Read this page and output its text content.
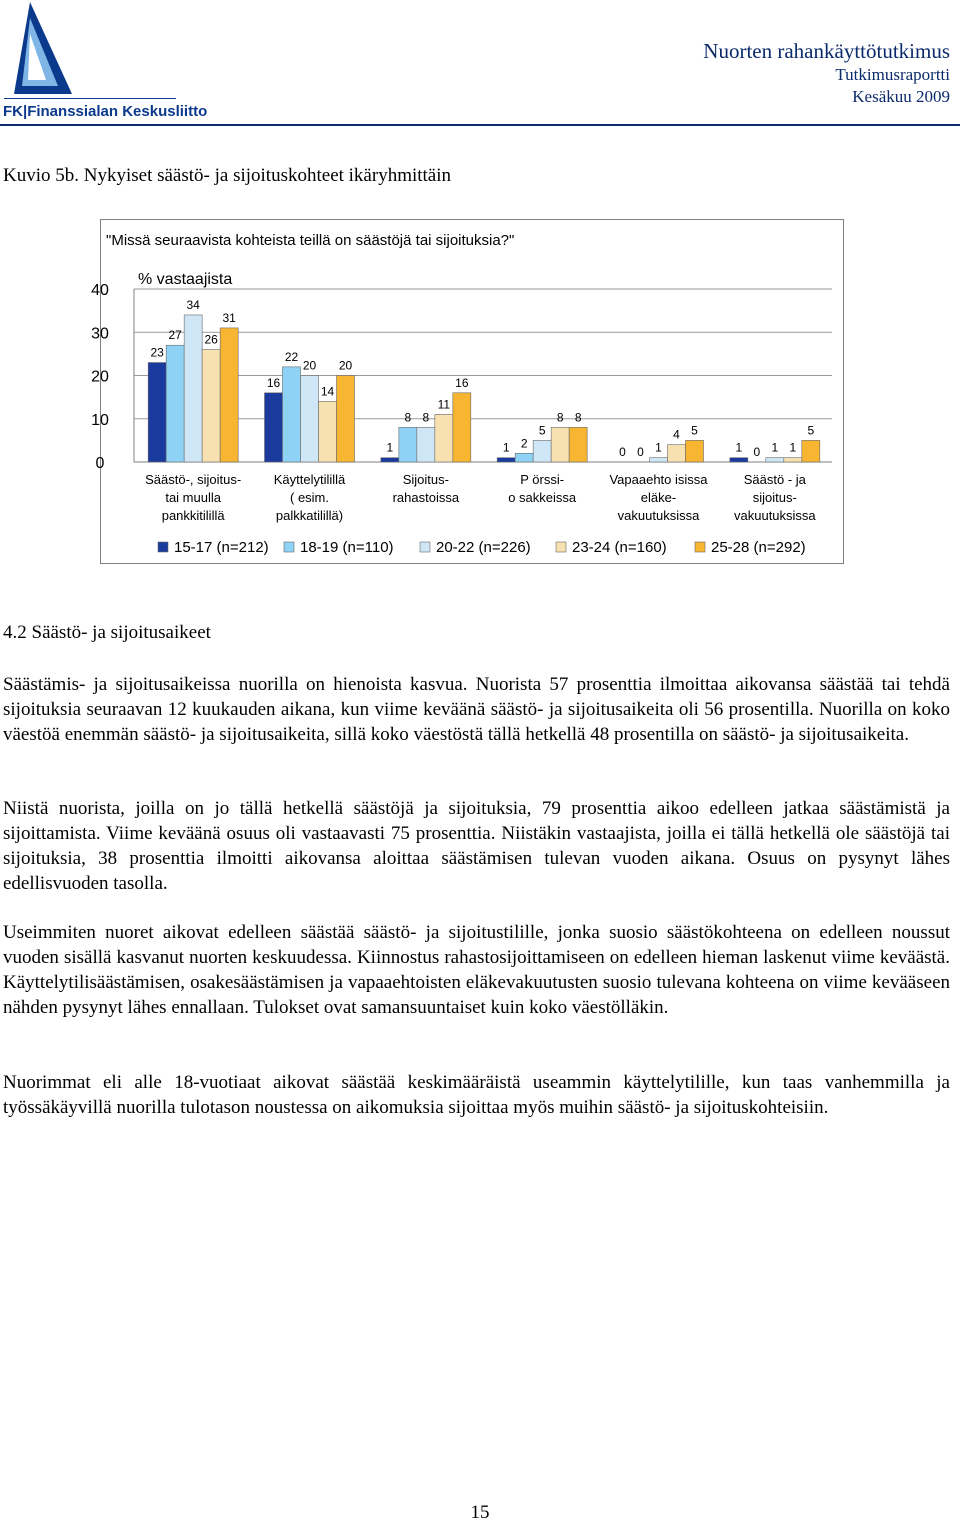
FK|Finanssialan Keskusliitto
Nuorten rahankäyttötutkimus
Tutkimusraportti
Kesäkuu 2009
Kuvio 5b. Nykyiset säästö- ja sijoituskohteet ikäryhmittäin
"Missä seuraavista kohteista teillä on säästöjä tai sijoituksia?"
0
10
20
30
40
% vastaajista
23
27
34
26
31
Säästö-, sijoitus-
tai muulla
pankkitilillä
16
22
20
14
20
Käyttelytilillä
( esim.
palkkatilillä)
1
8 8
11
16
Sijoitus-
rahastoissa
1 2
5
8 8
P örssi-
o sakkeissa
0 0 1
4 5
Vapaaehto isissa
eläke-
vakuutuksissa
1 0 1 1
5
Säästö - ja
sijoitus-
vakuutuksissa
15-17 (n=212) 18-19 (n=110)	20-22 (n=226)	23-24 (n=160)	25-28 (n=292)
4.2 Säästö- ja sijoitusaikeet

Säästämis- ja sijoitusaikeissa nuorilla on hienoista kasvua. Nuorista 57 prosenttia ilmoittaa aikovansa säästää tai tehdä sijoituksia seuraavan 12 kuukauden aikana, kun viime keväänä säästö- ja sijoitusaikeita oli 56 prosentilla. Nuorilla on koko väestöä enemmän säästö- ja sijoitusaikeita, sillä koko väestöstä tällä hetkellä 48 prosentilla on säästö- ja sijoitusaikeita.

Niistä nuorista, joilla on jo tällä hetkellä säästöjä ja sijoituksia, 79 prosenttia aikoo edelleen jatkaa säästämistä ja sijoittamista. Viime keväänä osuus oli vastaavasti 75 prosenttia. Niistäkin vastaajista, joilla ei tällä hetkellä ole säästöjä tai sijoituksia, 38 prosenttia ilmoitti aikovansa aloittaa säästämisen tulevan vuoden aikana. Osuus on pysynyt lähes edellisvuoden tasolla.

Useimmiten nuoret aikovat edelleen säästää säästö- ja sijoitustilille, jonka suosio säästökohteena on edelleen noussut vuoden sisällä kasvanut nuorten keskuudessa. Kiinnostus rahastosijoittamiseen on edelleen hieman laskenut viime keväästä. Käyttelytilisäästämisen, osakesäästämisen ja vapaaehtoisten eläkevakuutusten suosio tulevana kohteena on viime kevääseen nähden pysynyt lähes ennallaan. Tulokset ovat samansuuntaiset kuin koko väestölläkin.

Nuorimmat eli alle 18-vuotiaat aikovat säästää keskimääräistä useammin käyttelytilille, kun taas vanhemmilla ja työssäkäyvillä nuorilla tulotason noustessa on aikomuksia sijoittaa myös muihin säästö- ja sijoituskohteisiin.

15
